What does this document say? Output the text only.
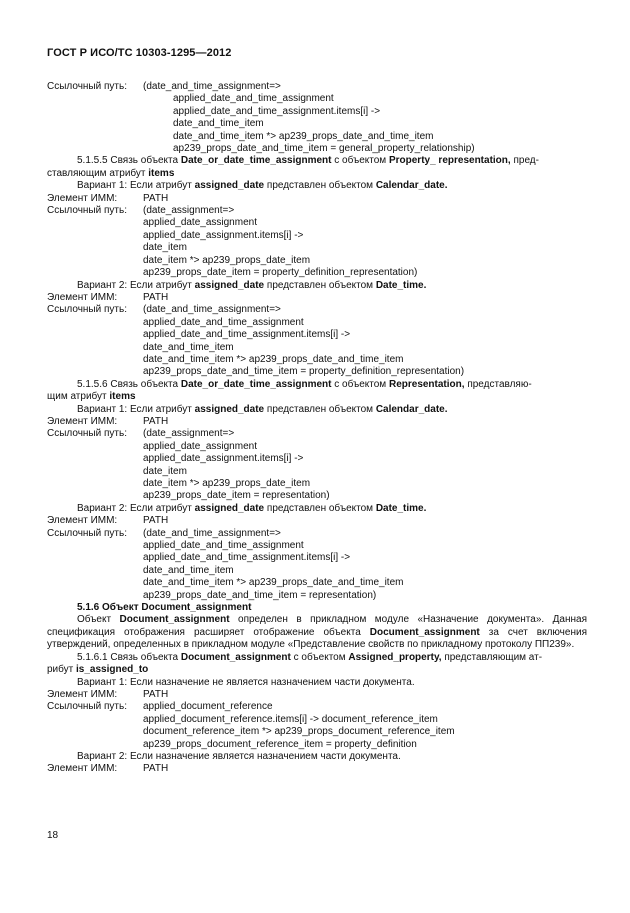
ГОСТ Р ИСО/ТС 10303-1295—2012
Ссылочный путь: (date_and_time_assignment=>
applied_date_and_time_assignment
applied_date_and_time_assignment.items[i] ->
date_and_time_item
date_and_time_item *> ap239_props_date_and_time_item
ap239_props_date_and_time_item = general_property_relationship)
5.1.5.5 Связь объекта Date_or_date_time_assignment с объектом Property_ representation, пред-
ставляющим атрибут items
Вариант 1: Если атрибут assigned_date представлен объектом Calendar_date.
Элемент ИММ:	PATH
Ссылочный путь: (date_assignment=>
applied_date_assignment
applied_date_assignment.items[i] ->
date_item
date_item *> ap239_props_date_item
ap239_props_date_item = property_definition_representation)
Вариант 2: Если атрибут assigned_date представлен объектом Date_time.
Элемент ИММ:	PATH
Ссылочный путь: (date_and_time_assignment=>
applied_date_and_time_assignment
applied_date_and_time_assignment.items[i] ->
date_and_time_item
date_and_time_item *> ap239_props_date_and_time_item
ap239_props_date_and_time_item = property_definition_representation)
5.1.5.6 Связь объекта Date_or_date_time_assignment с объектом Representation, представляю-
щим атрибут items
Вариант 1: Если атрибут assigned_date представлен объектом Calendar_date.
Элемент ИММ:	PATH
Ссылочный путь: (date_assignment=>
applied_date_assignment
applied_date_assignment.items[i] ->
date_item
date_item *> ap239_props_date_item
ap239_props_date_item = representation)
Вариант 2: Если атрибут assigned_date представлен объектом Date_time.
Элемент ИММ:	PATH
Ссылочный путь: (date_and_time_assignment=>
applied_date_and_time_assignment
applied_date_and_time_assignment.items[i] ->
date_and_time_item
date_and_time_item *> ap239_props_date_and_time_item
ap239_props_date_and_time_item = representation)
5.1.6 Объект Document_assignment
Объект Document_assignment определен в прикладном модуле «Назначение документа». Данная спецификация отображения расширяет отображение объекта Document_assignment за счет включения утверждений, определенных в прикладном модуле «Представление свойств по прикладному протоколу ПП239».
5.1.6.1 Связь объекта Document_assignment с объектом Assigned_property, представляющим ат-
рибут is_assigned_to
Вариант 1: Если назначение не является назначением части документа.
Элемент ИММ:	PATH
Ссылочный путь: applied_document_reference
applied_document_reference.items[i] -> document_reference_item
document_reference_item *> ap239_props_document_reference_item
ap239_props_document_reference_item = property_definition
Вариант 2: Если назначение является назначением части документа.
Элемент ИММ:	PATH
18
